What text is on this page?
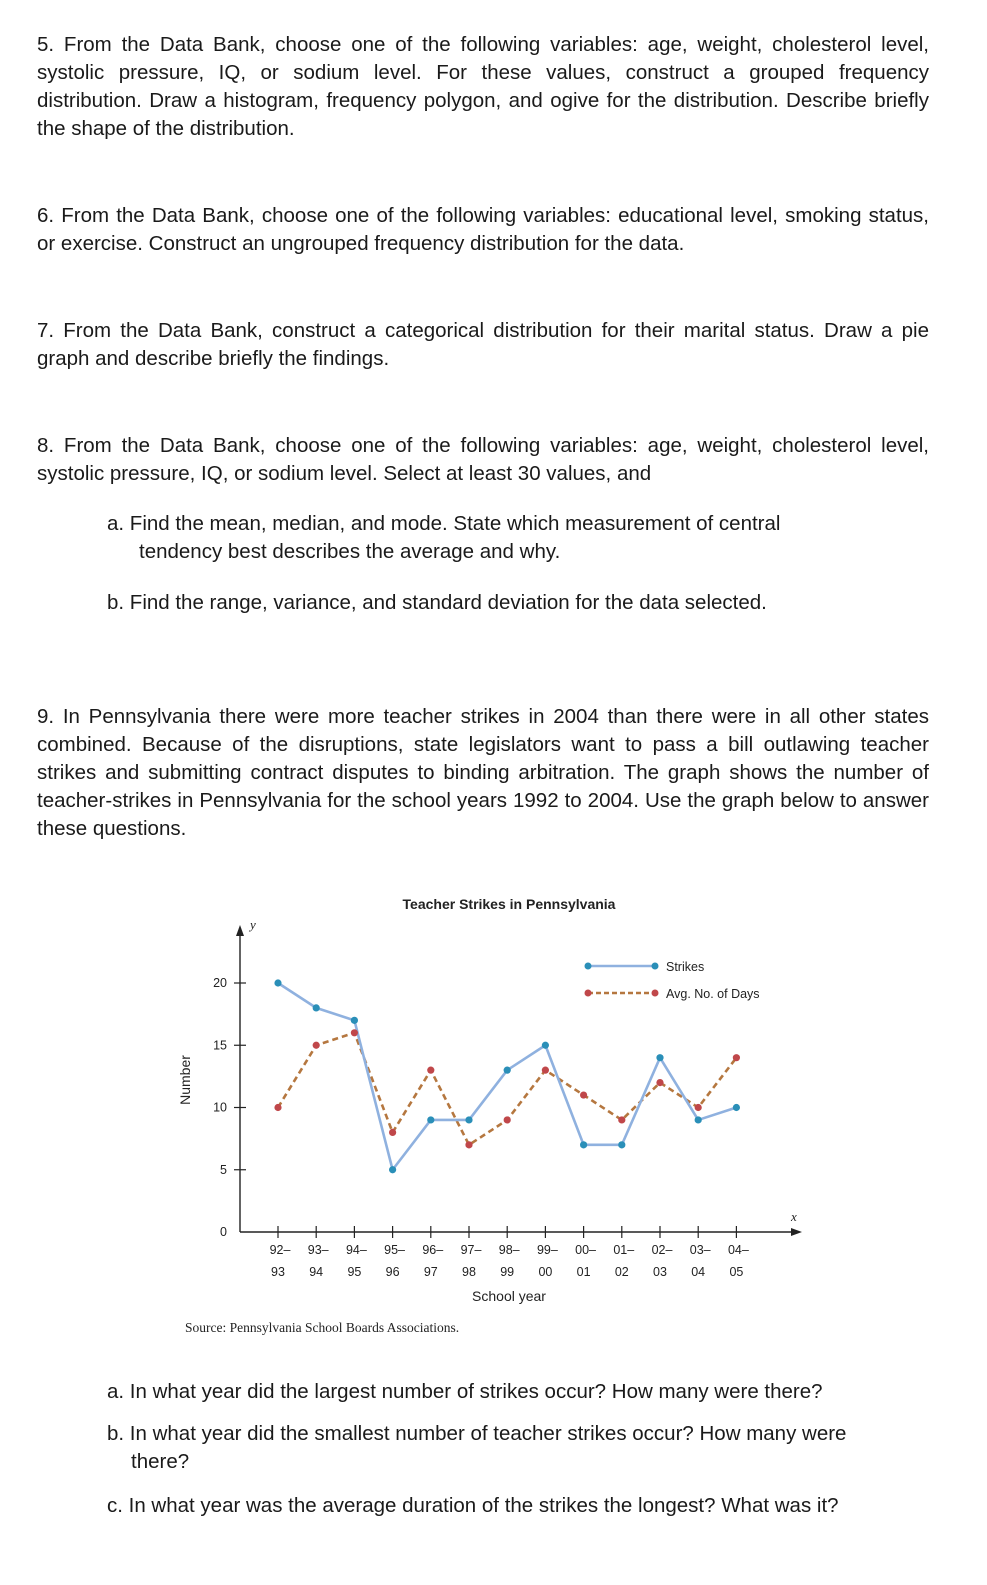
5. From the Data Bank, choose one of the following variables: age, weight, cholesterol level, systolic pressure, IQ, or sodium level. For these values, construct a grouped frequency distribution. Draw a histogram, frequency polygon, and ogive for the distribution. Describe briefly the shape of the distribution.
6. From the Data Bank, choose one of the following variables: educational level, smoking status, or exercise. Construct an ungrouped frequency distribution for the data.
7. From the Data Bank, construct a categorical distribution for their marital status. Draw a pie graph and describe briefly the findings.
8. From the Data Bank, choose one of the following variables: age, weight, cholesterol level, systolic pressure, IQ, or sodium level. Select at least 30 values, and
a. Find the mean, median, and mode. State which measurement of central
tendency best describes the average and why.
b. Find the range, variance, and standard deviation for the data selected.
9. In Pennsylvania there were more teacher strikes in 2004 than there were in all other states combined. Because of the disruptions, state legislators want to pass a bill outlawing teacher strikes and submitting contract disputes to binding arbitration. The graph shows the number of teacher-strikes in Pennsylvania for the school years 1992 to 2004. Use the graph below to answer these questions.
Teacher Strikes in Pennsylvania
y
x
0
5
10
15
20
92–
93
93–
94
94–
95
95–
96
96–
97
97–
98
98–
99
99–
00
00–
01
01–
02
02–
03
03–
04
04–
05
Strikes
Avg. No. of Days
Number
School year
Source: Pennsylvania School Boards Associations.
a. In what year did the largest number of strikes occur? How many were there?
b. In what year did the smallest number of teacher strikes occur? How many were
there?
c. In what year was the average duration of the strikes the longest? What was it?
